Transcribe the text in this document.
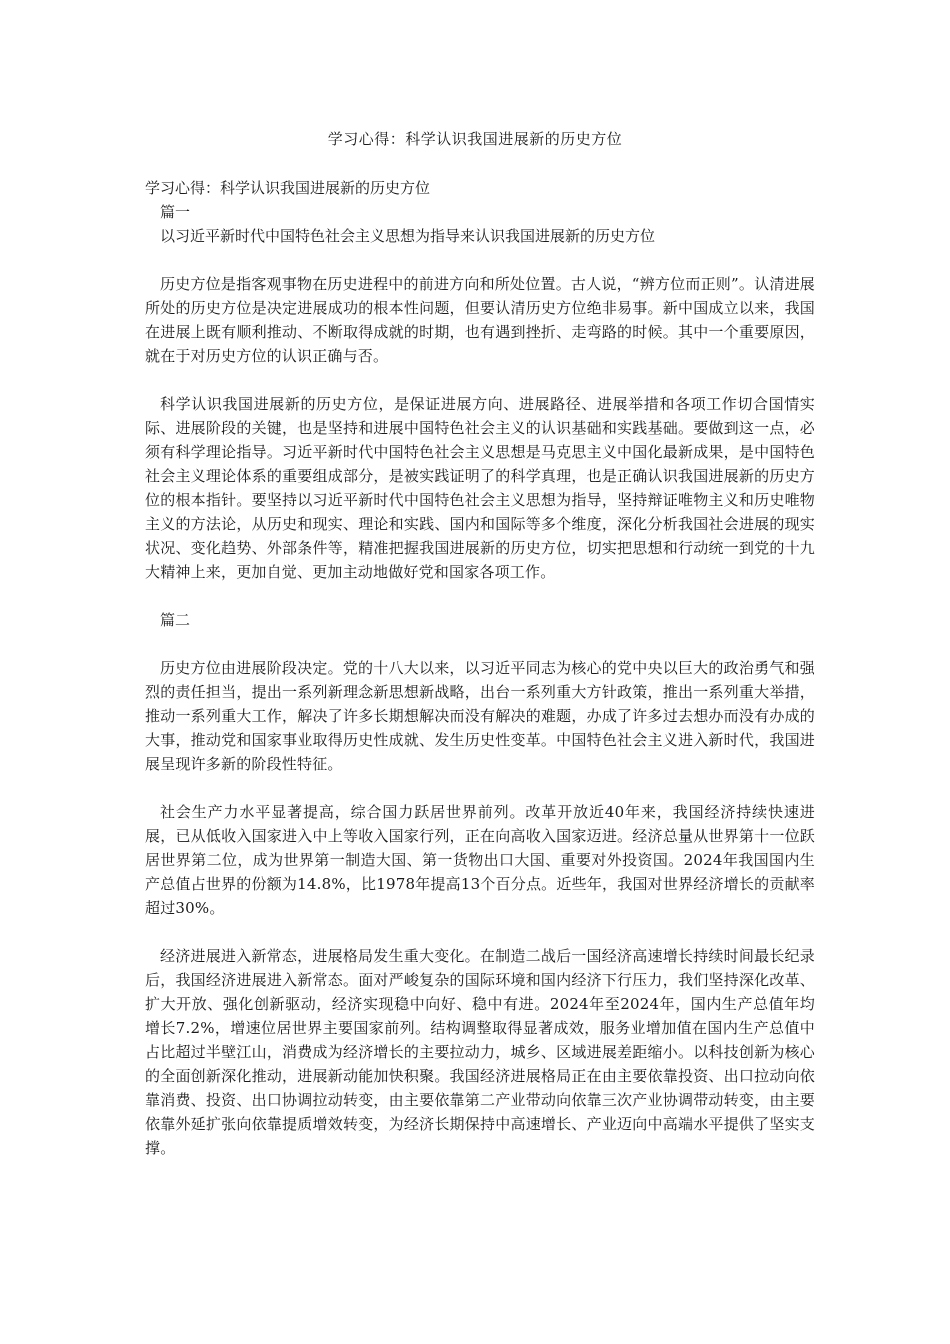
学习心得：科学认识我国进展新的历史方位

学习心得：科学认识我国进展新的历史方位

篇一

以习近平新时代中国特色社会主义思想为指导来认识我国进展新的历史方位

历史方位是指客观事物在历史进程中的前进方向和所处位置。古人说，“辨方位而正则”。认清进展所处的历史方位是决定进展成功的根本性问题，但要认清历史方位绝非易事。新中国成立以来，我国在进展上既有顺利推动、不断取得成就的时期，也有遇到挫折、走弯路的时候。其中一个重要原因，就在于对历史方位的认识正确与否。

科学认识我国进展新的历史方位，是保证进展方向、进展路径、进展举措和各项工作切合国情实际、进展阶段的关键，也是坚持和进展中国特色社会主义的认识基础和实践基础。要做到这一点，必须有科学理论指导。习近平新时代中国特色社会主义思想是马克思主义中国化最新成果，是中国特色社会主义理论体系的重要组成部分，是被实践证明了的科学真理，也是正确认识我国进展新的历史方位的根本指针。要坚持以习近平新时代中国特色社会主义思想为指导，坚持辩证唯物主义和历史唯物主义的方法论，从历史和现实、理论和实践、国内和国际等多个维度，深化分析我国社会进展的现实状况、变化趋势、外部条件等，精准把握我国进展新的历史方位，切实把思想和行动统一到党的十九大精神上来，更加自觉、更加主动地做好党和国家各项工作。

篇二

历史方位由进展阶段决定。党的十八大以来，以习近平同志为核心的党中央以巨大的政治勇气和强烈的责任担当，提出一系列新理念新思想新战略，出台一系列重大方针政策，推出一系列重大举措，推动一系列重大工作，解决了许多长期想解决而没有解决的难题，办成了许多过去想办而没有办成的大事，推动党和国家事业取得历史性成就、发生历史性变革。中国特色社会主义进入新时代，我国进展呈现许多新的阶段性特征。

社会生产力水平显著提高，综合国力跃居世界前列。改革开放近40年来，我国经济持续快速进展，已从低收入国家进入中上等收入国家行列，正在向高收入国家迈进。经济总量从世界第十一位跃居世界第二位，成为世界第一制造大国、第一货物出口大国、重要对外投资国。2024年我国国内生产总值占世界的份额为14.8%，比1978年提高13个百分点。近些年，我国对世界经济增长的贡献率超过30%。

经济进展进入新常态，进展格局发生重大变化。在制造二战后一国经济高速增长持续时间最长纪录后，我国经济进展进入新常态。面对严峻复杂的国际环境和国内经济下行压力，我们坚持深化改革、扩大开放、强化创新驱动，经济实现稳中向好、稳中有进。2024年至2024年，国内生产总值年均增长7.2%，增速位居世界主要国家前列。结构调整取得显著成效，服务业增加值在国内生产总值中占比超过半壁江山，消费成为经济增长的主要拉动力，城乡、区域进展差距缩小。以科技创新为核心的全面创新深化推动，进展新动能加快积聚。我国经济进展格局正在由主要依靠投资、出口拉动向依靠消费、投资、出口协调拉动转变，由主要依靠第二产业带动向依靠三次产业协调带动转变，由主要依靠外延扩张向依靠提质增效转变，为经济长期保持中高速增长、产业迈向中高端水平提供了坚实支撑。
